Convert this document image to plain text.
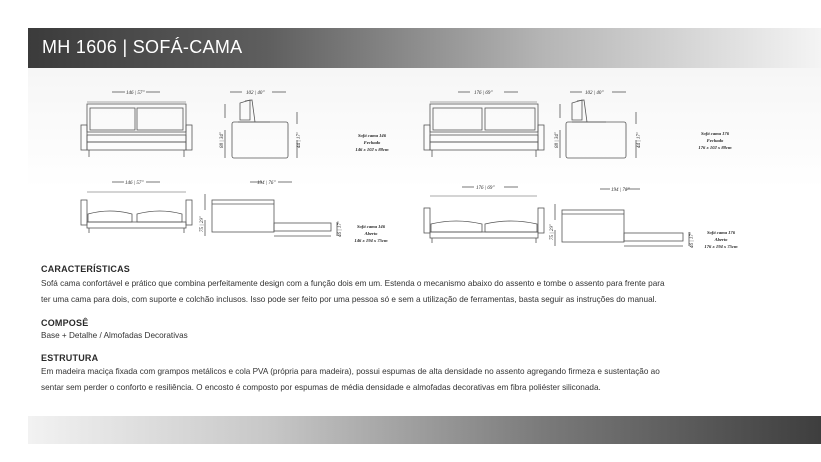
MH 1606 | SOFÁ-CAMA
146 | 57"	102 | 40"
88 | 34"	44 | 17"	Sofá cama 146
Fechado
146 x 102 x 88cm
146 | 57"	194 | 76"
75 | 29"	46 | 17"	Sofá cama 146
Aberto
146 x 194 x 75cm
176 | 69"	102 | 40"
88 | 34"	44 | 17"	Sofá cama 176
Fechado
176 x 102 x 88cm
176 | 69"	194 | 76"
75 | 29"
46 | 17"	Sofá cama 176
Aberto
176 x 194 x 75cm
CARACTERÍSTICAS

Sofá cama confortável e prático que combina perfeitamente design com a função dois em um. Estenda o mecanismo abaixo do assento e tombe o assento para frente para

ter uma cama para dois, com suporte e colchão inclusos. Isso pode ser feito por uma pessoa só e sem a utilização de ferramentas, basta seguir as instruções do manual.

COMPOSÊ

Base + Detalhe / Almofadas Decorativas

ESTRUTURA

Em madeira maciça fixada com grampos metálicos e cola PVA (própria para madeira), possui espumas de alta densidade no assento agregando firmeza e sustentação ao

sentar sem perder o conforto e resiliência. O encosto é composto por espumas de média densidade e almofadas decorativas em fibra poliéster siliconada.
